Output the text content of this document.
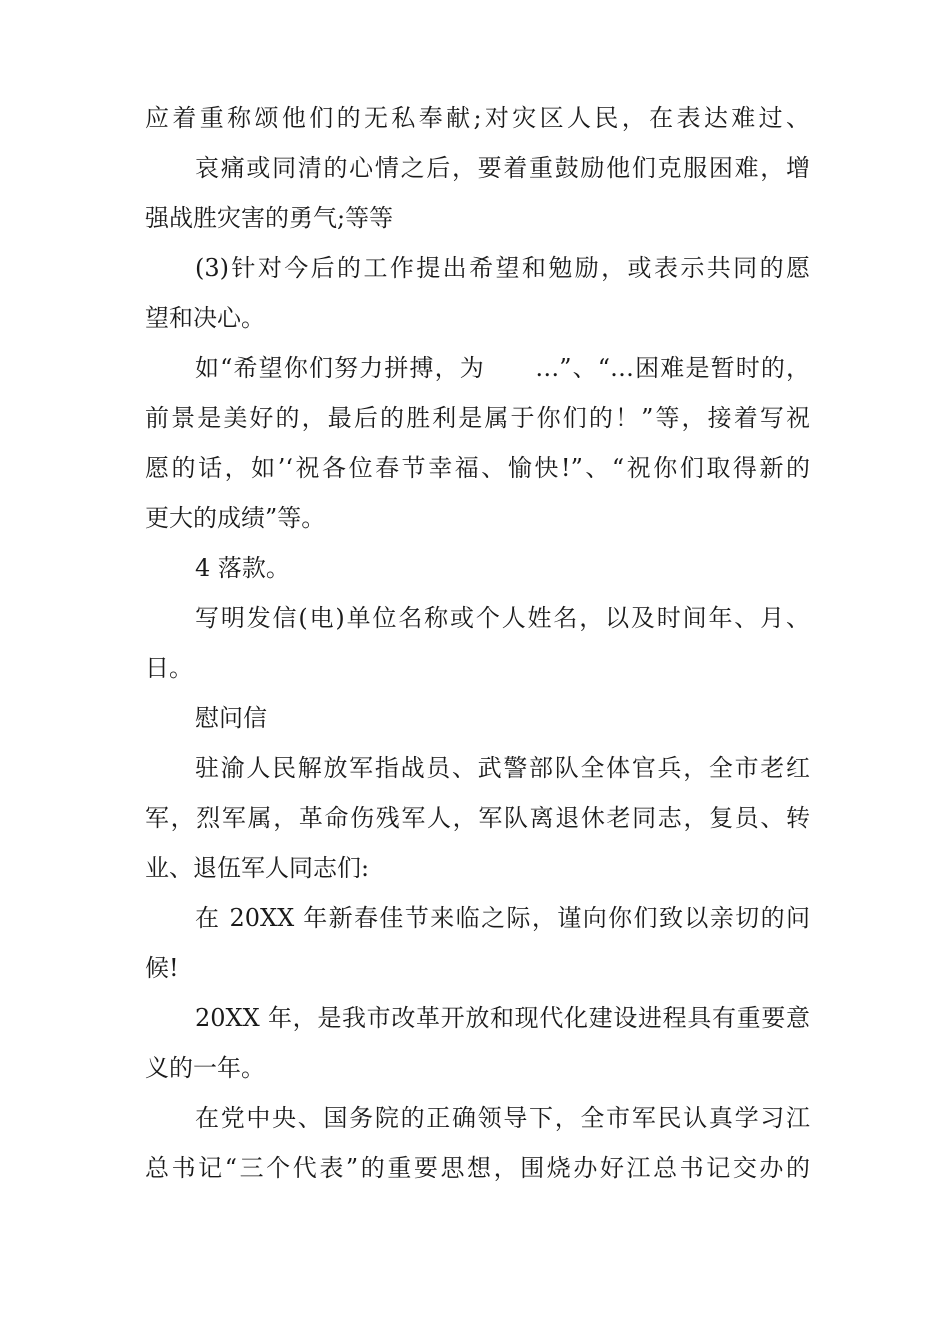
应着重称颂他们的无私奉献;对灾区人民，在表达难过、
哀痛或同清的心情之后，要着重鼓励他们克服困难，增
强战胜灾害的勇气;等等
(3)针对今后的工作提出希望和勉励，或表示共同的愿
望和决心。
如“希望你们努力拼搏，为　　…”、“…困难是暂时的，
前景是美好的，最后的胜利是属于你们的！”等，接着写祝
愿的话，如’‘祝各位春节幸福、愉快!”、“祝你们取得新的
更大的成绩”等。
4 落款。
写明发信(电)单位名称或个人姓名，以及时间年、月、
日。
慰问信
驻渝人民解放军指战员、武警部队全体官兵，全市老红
军，烈军属，革命伤残军人，军队离退休老同志，复员、转
业、退伍军人同志们:
在 20XX 年新春佳节来临之际，谨向你们致以亲切的问
候!
20XX 年，是我市改革开放和现代化建设进程具有重要意
义的一年。
在党中央、国务院的正确领导下，全市军民认真学习江
总书记“三个代表”的重要思想，围烧办好江总书记交办的
